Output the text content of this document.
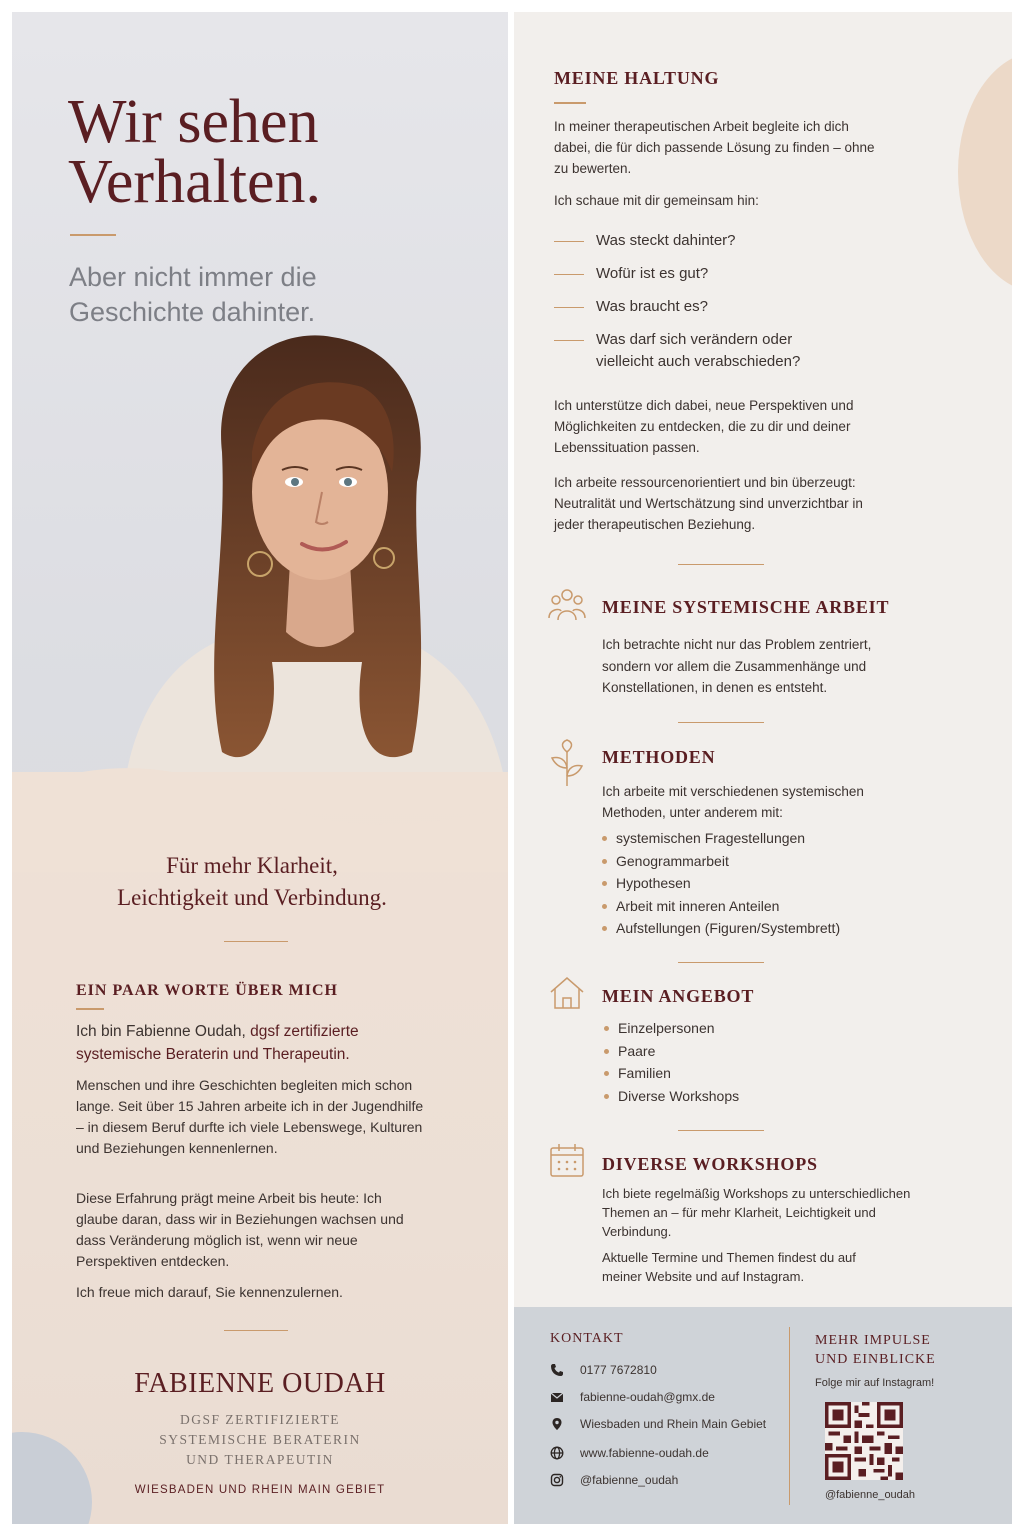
Wir sehen Verhalten.

Aber nicht immer die Geschichte dahinter.

Für mehr Klarheit,
Leichtigkeit und Verbindung.
EIN PAAR WORTE ÜBER MICH

Ich bin Fabienne Oudah, dgsf zertifizierte systemische Beraterin und Therapeutin.

Menschen und ihre Geschichten begleiten mich schon lange. Seit über 15 Jahren arbeite ich in der Jugendhilfe – in diesem Beruf durfte ich viele Lebenswege, Kulturen und Beziehungen kennenlernen.

Diese Erfahrung prägt meine Arbeit bis heute: Ich glaube daran, dass wir in Beziehungen wachsen und dass Veränderung möglich ist, wenn wir neue Perspektiven entdecken.

Ich freue mich darauf, Sie kennenzulernen.

FABIENNE OUDAH
DGSF ZERTIFIZIERTE
SYSTEMISCHE BERATERIN
UND THERAPEUTIN
WIESBADEN UND RHEIN MAIN GEBIET
MEINE HALTUNG

In meiner therapeutischen Arbeit begleite ich dich dabei, die für dich passende Lösung zu finden – ohne zu bewerten.

Ich schaue mit dir gemeinsam hin:

Was steckt dahinter?
Wofür ist es gut?
Was braucht es?
Was darf sich verändern oder vielleicht auch verabschieden?

Ich unterstütze dich dabei, neue Perspektiven und Möglichkeiten zu entdecken, die zu dir und deiner Lebenssituation passen.

Ich arbeite ressourcenorientiert und bin überzeugt: Neutralität und Wertschätzung sind unverzichtbar in jeder therapeutischen Beziehung.

MEINE SYSTEMISCHE ARBEIT

Ich betrachte nicht nur das Problem zentriert, sondern vor allem die Zusammenhänge und Konstellationen, in denen es entsteht.

METHODEN

Ich arbeite mit verschiedenen systemischen Methoden, unter anderem mit:

systemischen Fragestellungen
Genogrammarbeit
Hypothesen
Arbeit mit inneren Anteilen
Aufstellungen (Figuren/Systembrett)
MEIN ANGEBOT
Einzelpersonen
Paare
Familien
Diverse Workshops
DIVERSE WORKSHOPS

Ich biete regelmäßig Workshops zu unterschiedlichen Themen an – für mehr Klarheit, Leichtigkeit und Verbindung.

Aktuelle Termine und Themen findest du auf meiner Website und auf Instagram.

KONTAKT
0177 7672810
fabienne-oudah@gmx.de
Wiesbaden und Rhein Main Gebiet
www.fabienne-oudah.de
@fabienne_oudah
MEHR IMPULSE
UND EINBLICKE
Folge mir auf Instagram!
@fabienne_oudah
